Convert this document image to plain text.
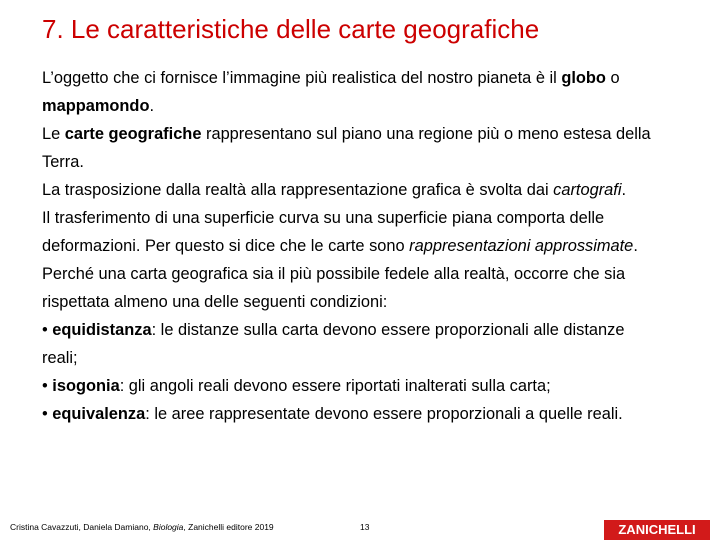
7. Le caratteristiche delle carte geografiche

L’oggetto che ci fornisce l’immagine più realistica del nostro pianeta è il globo o mappamondo.

Le carte geografiche rappresentano sul piano una regione più o meno estesa della Terra.

La trasposizione dalla realtà alla rappresentazione grafica è svolta dai cartografi.

Il trasferimento di una superficie curva su una superficie piana comporta delle deformazioni. Per questo si dice che le carte sono rappresentazioni approssimate.

Perché una carta geografica sia il più possibile fedele alla realtà, occorre che sia rispettata almeno una delle seguenti condizioni:

• equidistanza: le distanze sulla carta devono essere proporzionali alle distanze reali;

• isogonia: gli angoli reali devono essere riportati inalterati sulla carta;

• equivalenza: le aree rappresentate devono essere proporzionali a quelle reali.

Cristina Cavazzuti, Daniela Damiano, Biologia, Zanichelli editore 2019	13	ZANICHELLI
